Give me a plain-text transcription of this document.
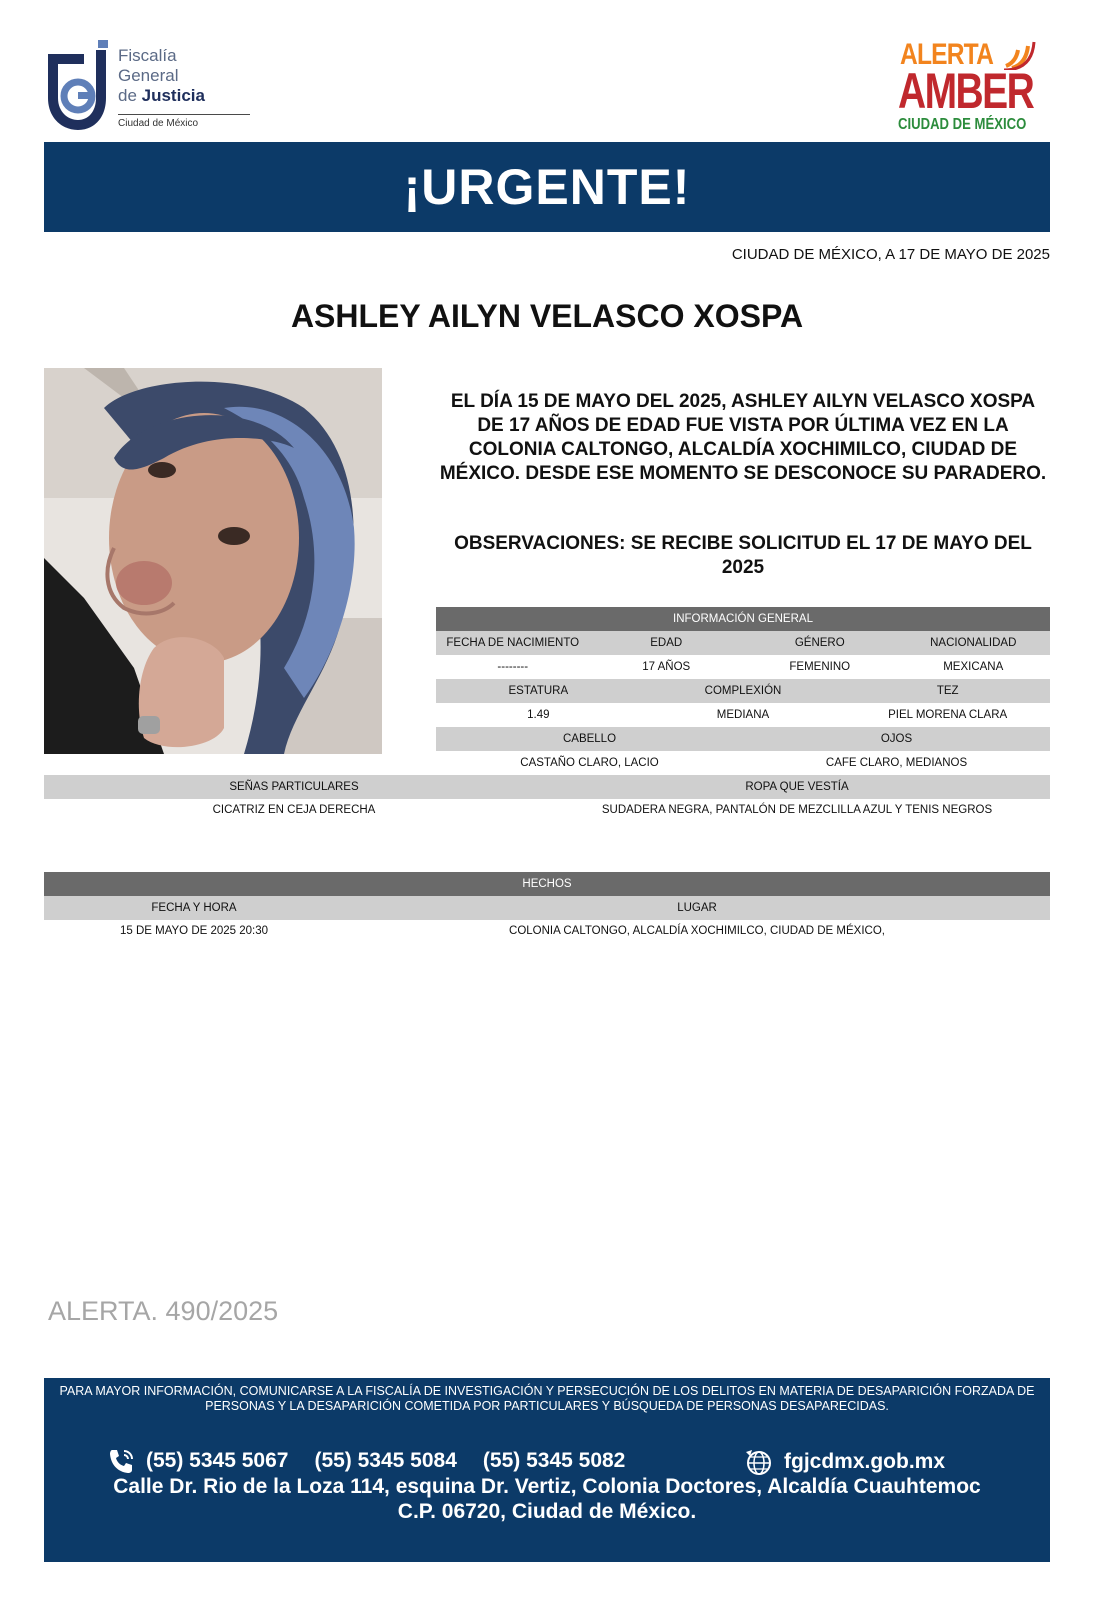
Fiscalía
General
de Justicia
Ciudad de México
ALERTA
AMBER
CIUDAD DE MÉXICO
¡URGENTE!
CIUDAD DE MÉXICO, A 17 DE MAYO DE 2025
ASHLEY AILYN VELASCO XOSPA
EL DÍA 15 DE MAYO DEL 2025, ASHLEY AILYN VELASCO XOSPA DE 17 AÑOS DE EDAD FUE VISTA POR ÚLTIMA VEZ EN LA COLONIA CALTONGO, ALCALDÍA XOCHIMILCO, CIUDAD DE MÉXICO. DESDE ESE MOMENTO SE DESCONOCE SU PARADERO.
OBSERVACIONES: SE RECIBE SOLICITUD EL 17 DE MAYO DEL 2025
INFORMACIÓN GENERAL
FECHA DE NACIMIENTO	EDAD	GÉNERO	NACIONALIDAD
--------	17 AÑOS	FEMENINO	MEXICANA
ESTATURA	COMPLEXIÓN	TEZ
1.49	MEDIANA	PIEL MORENA CLARA
CABELLO	OJOS
CASTAÑO CLARO, LACIO	CAFE CLARO, MEDIANOS
SEÑAS PARTICULARES	ROPA QUE VESTÍA
CICATRIZ EN CEJA DERECHA	SUDADERA NEGRA, PANTALÓN DE MEZCLILLA AZUL Y TENIS NEGROS
HECHOS
FECHA Y HORA	LUGAR
15 DE MAYO DE 2025 20:30	COLONIA CALTONGO, ALCALDÍA XOCHIMILCO, CIUDAD DE MÉXICO,
ALERTA. 490/2025
PARA MAYOR INFORMACIÓN, COMUNICARSE A LA FISCALÍA DE INVESTIGACIÓN Y PERSECUCIÓN DE LOS DELITOS EN MATERIA DE DESAPARICIÓN FORZADA DE PERSONAS Y LA DESAPARICIÓN COMETIDA POR PARTICULARES Y BÚSQUEDA DE PERSONAS DESAPARECIDAS.
(55) 5345 5067 (55) 5345 5084 (55) 5345 5082	fgjcdmx.gob.mx
Calle Dr. Rio de la Loza 114, esquina Dr. Vertiz, Colonia Doctores, Alcaldía Cuauhtemoc
C.P. 06720, Ciudad de México.
